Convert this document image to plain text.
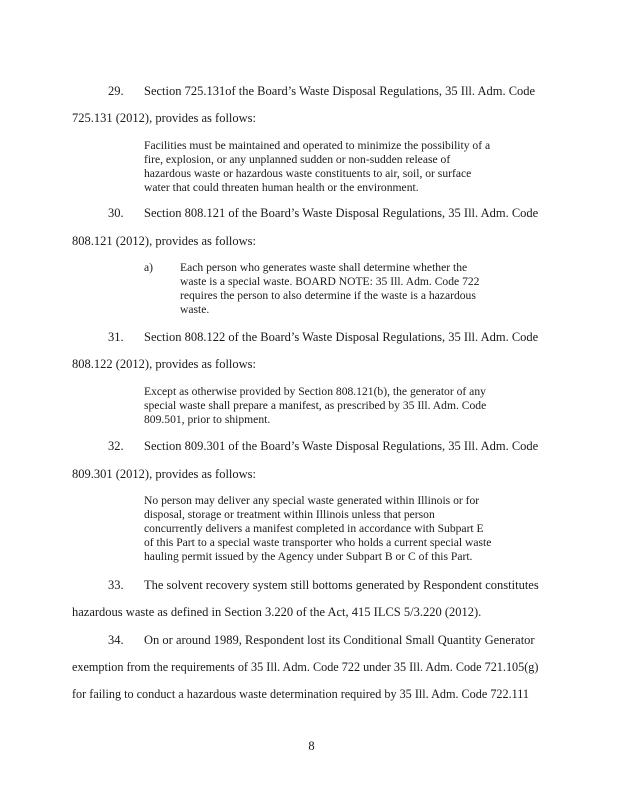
29. Section 725.131of the Board’s Waste Disposal Regulations, 35 Ill. Adm. Code
725.131 (2012), provides as follows:
Facilities must be maintained and operated to minimize the possibility of a
fire, explosion, or any unplanned sudden or non-sudden release of
hazardous waste or hazardous waste constituents to air, soil, or surface
water that could threaten human health or the environment.
30. Section 808.121 of the Board’s Waste Disposal Regulations, 35 Ill. Adm. Code
808.121 (2012), provides as follows:
a) Each person who generates waste shall determine whether the
waste is a special waste. BOARD NOTE: 35 Ill. Adm. Code 722
requires the person to also determine if the waste is a hazardous
waste.
31. Section 808.122 of the Board’s Waste Disposal Regulations, 35 Ill. Adm. Code
808.122 (2012), provides as follows:
Except as otherwise provided by Section 808.121(b), the generator of any
special waste shall prepare a manifest, as prescribed by 35 Ill. Adm. Code
809.501, prior to shipment.
32. Section 809.301 of the Board’s Waste Disposal Regulations, 35 Ill. Adm. Code
809.301 (2012), provides as follows:
No person may deliver any special waste generated within Illinois or for
disposal, storage or treatment within Illinois unless that person
concurrently delivers a manifest completed in accordance with Subpart E
of this Part to a special waste transporter who holds a current special waste
hauling permit issued by the Agency under Subpart B or C of this Part.
33. The solvent recovery system still bottoms generated by Respondent constitutes
hazardous waste as defined in Section 3.220 of the Act, 415 ILCS 5/3.220 (2012).
34. On or around 1989, Respondent lost its Conditional Small Quantity Generator
exemption from the requirements of 35 Ill. Adm. Code 722 under 35 Ill. Adm. Code 721.105(g)
for failing to conduct a hazardous waste determination required by 35 Ill. Adm. Code 722.111
8
